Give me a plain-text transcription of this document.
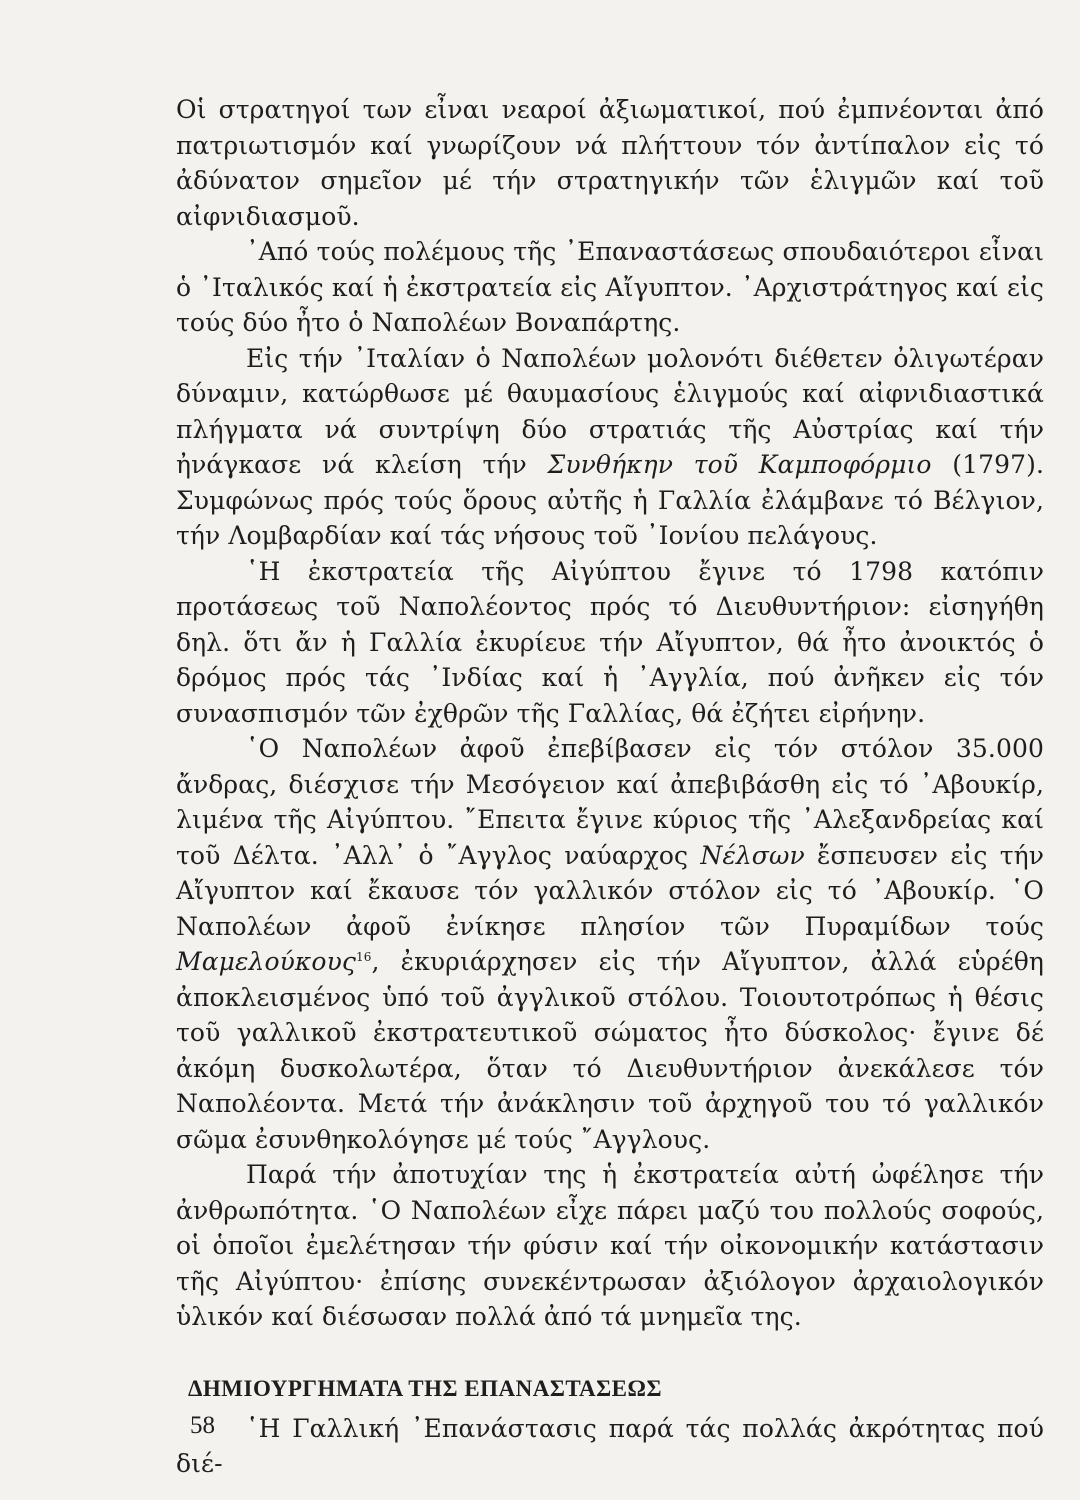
Οἱ στρατηγοί των εἶναι νεαροί ἀξιωματικοί, πού ἐμπνέονται ἀπό πατριωτισμόν καί γνωρίζουν νά πλήττουν τόν ἀντίπαλον εἰς τό ἀδύνατον σημεῖον μέ τήν στρατηγικήν τῶν ἑλιγμῶν καί τοῦ αἰφνιδιασμοῦ.

᾿Από τούς πολέμους τῆς ᾿Επαναστάσεως σπουδαιότεροι εἶναι ὁ ᾿Ιταλικός καί ἡ ἐκστρατεία εἰς Αἴγυπτον. ᾿Αρχιστράτηγος καί εἰς τούς δύο ἦτο ὁ Ναπολέων Βοναπάρτης.

Εἰς τήν ᾿Ιταλίαν ὁ Ναπολέων μολονότι διέθετεν ὀλιγωτέραν δύναμιν, κατώρθωσε μέ θαυμασίους ἑλιγμούς καί αἰφνιδιαστικά πλήγματα νά συντρίψη δύο στρατιάς τῆς Αὐστρίας καί τήν ἠνάγκασε νά κλείση τήν Συνθήκην τοῦ Καμποφόρμιο (1797). Συμφώνως πρός τούς ὅρους αὐτῆς ἡ Γαλλία ἐλάμβανε τό Βέλγιον, τήν Λομβαρδίαν καί τάς νήσους τοῦ ᾿Ιονίου πελάγους.

῾Η ἐκστρατεία τῆς Αἰγύπτου ἔγινε τό 1798 κατόπιν προτάσεως τοῦ Ναπολέοντος πρός τό Διευθυντήριον: εἰσηγήθη δηλ. ὅτι ἄν ἡ Γαλλία ἐκυρίευε τήν Αἴγυπτον, θά ἦτο ἀνοικτός ὁ δρόμος πρός τάς ᾿Ινδίας καί ἡ ᾿Αγγλία, πού ἀνῆκεν εἰς τόν συνασπισμόν τῶν ἐχθρῶν τῆς Γαλλίας, θά ἐζήτει εἰρήνην.

῾Ο Ναπολέων ἀφοῦ ἐπεβίβασεν εἰς τόν στόλον 35.000 ἄνδρας, διέσχισε τήν Μεσόγειον καί ἀπεβιβάσθη εἰς τό ᾿Αβουκίρ, λιμένα τῆς Αἰγύπτου. ῎Επειτα ἔγινε κύριος τῆς ᾿Αλεξανδρείας καί τοῦ Δέλτα. ᾿Αλλ᾿ ὁ ῎Αγγλος ναύαρχος Νέλσων ἔσπευσεν εἰς τήν Αἴγυπτον καί ἔκαυσε τόν γαλλικόν στόλον εἰς τό ᾿Αβουκίρ. ῾Ο Ναπολέων ἀφοῦ ἐνίκησε πλησίον τῶν Πυραμίδων τούς Μαμελούκους$^{16}$, ἐκυριάρχησεν εἰς τήν Αἴγυπτον, ἀλλά εὑρέθη ἀποκλεισμένος ὑπό τοῦ ἀγγλικοῦ στόλου. Τοιουτοτρόπως ἡ θέσις τοῦ γαλλικοῦ ἐκστρατευτικοῦ σώματος ἦτο δύσκολος· ἔγινε δέ ἀκόμη δυσκολωτέρα, ὅταν τό Διευθυντήριον ἀνεκάλεσε τόν Ναπολέοντα. Μετά τήν ἀνάκλησιν τοῦ ἀρχηγοῦ του τό γαλλικόν σῶμα ἐσυνθηκολόγησε μέ τούς ῎Αγγλους.

Παρά τήν ἀποτυχίαν της ἡ ἐκστρατεία αὐτή ὠφέλησε τήν ἀνθρωπότητα. ῾Ο Ναπολέων εἶχε πάρει μαζύ του πολλούς σοφούς, οἱ ὁποῖοι ἐμελέτησαν τήν φύσιν καί τήν οἰκονομικήν κατάστασιν τῆς Αἰγύπτου· ἐπίσης συνεκέντρωσαν ἀξιόλογον ἀρχαιολογικόν ὑλικόν καί διέσωσαν πολλά ἀπό τά μνημεῖα της.

ΔΗΜΙΟΥΡΓΗΜΑΤΑ ΤΗΣ ΕΠΑΝΑΣΤΑΣΕΩΣ

῾Η Γαλλική ᾿Επανάστασις παρά τάς πολλάς ἀκρότητας πού διέ-

58
